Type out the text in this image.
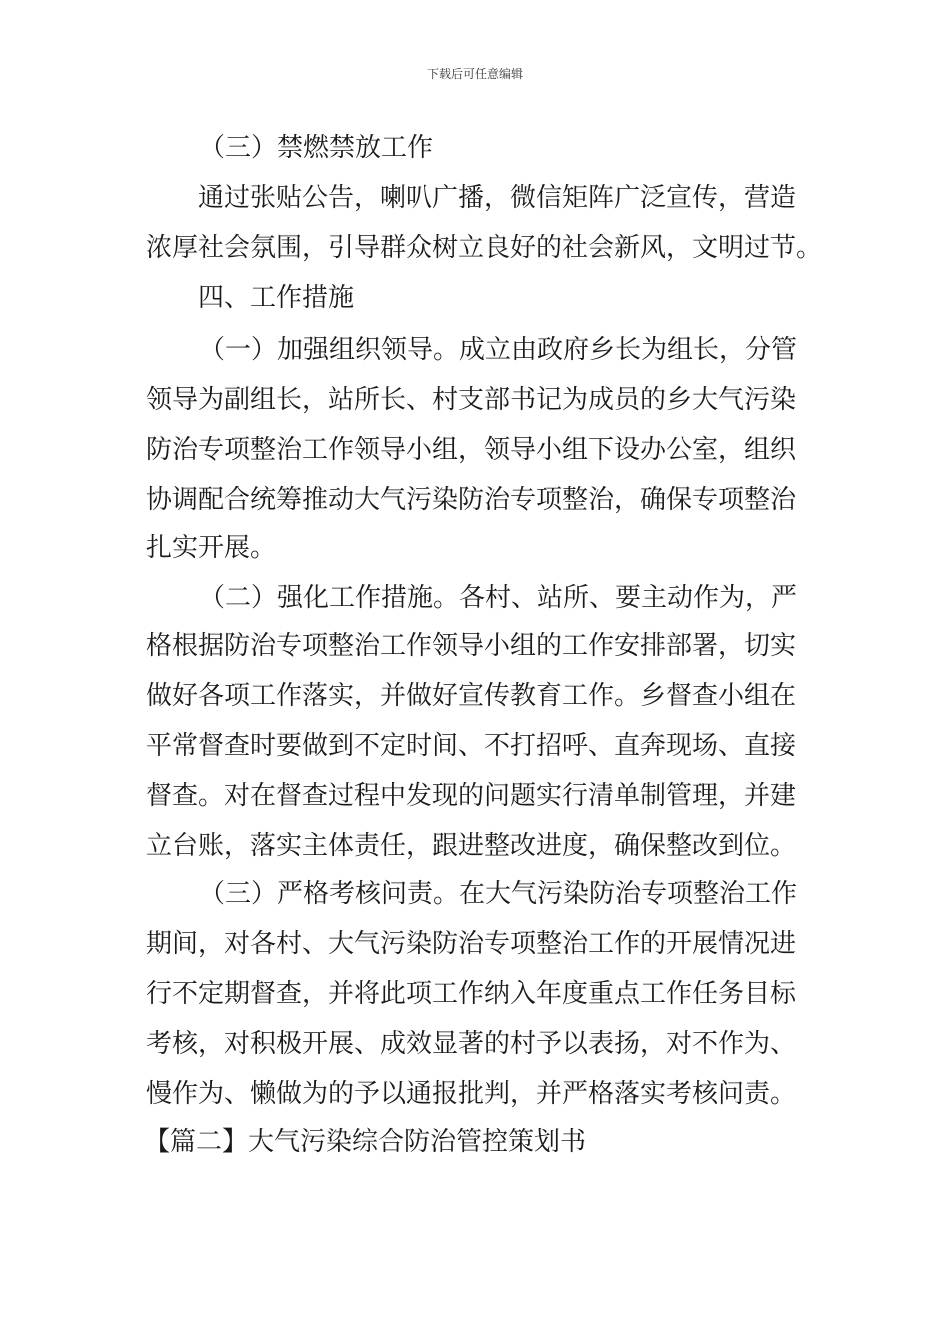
下载后可任意编辑
（三）禁燃禁放工作
通过张贴公告，喇叭广播，微信矩阵广泛宣传，营造
浓厚社会氛围，引导群众树立良好的社会新风，文明过节。
四、工作措施
（一）加强组织领导。成立由政府乡长为组长，分管
领导为副组长，站所长、村支部书记为成员的乡大气污染
防治专项整治工作领导小组，领导小组下设办公室，组织
协调配合统筹推动大气污染防治专项整治，确保专项整治
扎实开展。
（二）强化工作措施。各村、站所、要主动作为，严
格根据防治专项整治工作领导小组的工作安排部署，切实
做好各项工作落实，并做好宣传教育工作。乡督查小组在
平常督查时要做到不定时间、不打招呼、直奔现场、直接
督查。对在督查过程中发现的问题实行清单制管理，并建
立台账，落实主体责任，跟进整改进度，确保整改到位。
（三）严格考核问责。在大气污染防治专项整治工作
期间，对各村、大气污染防治专项整治工作的开展情况进
行不定期督查，并将此项工作纳入年度重点工作任务目标
考核，对积极开展、成效显著的村予以表扬，对不作为、
慢作为、懒做为的予以通报批判，并严格落实考核问责。
【篇二】大气污染综合防治管控策划书
